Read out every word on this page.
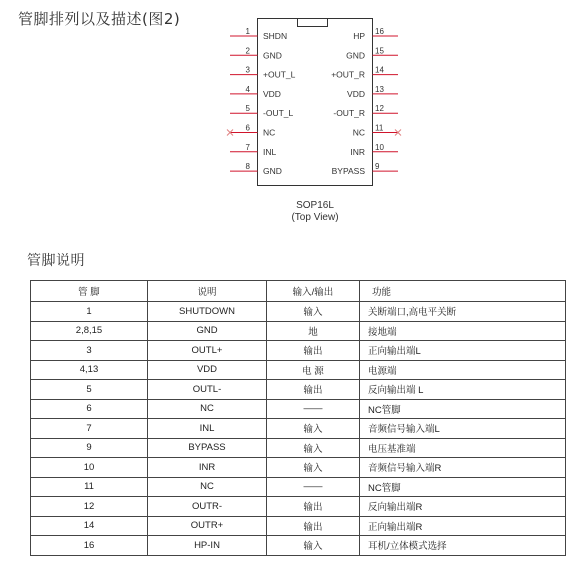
管脚排列以及描述(图2)
1 SHDN
2 GND
3 +OUT_L
4 VDD
5 -OUT_L
6 NC
7 INL
8 GND
16
HP
15
GND
14
+OUT_R
13
VDD
12
-OUT_R
11
NC
10
INR
9
BYPASS
SOP16L
(Top View)
管脚说明
管 脚	说明	输入/输出	功能
1	SHUTDOWN	输入	关断端口,高电平关断
2,8,15	GND	地	接地端
3	OUTL+	输出	正向输出端L
4,13	VDD	电 源	电源端
5	OUTL-	输出	反向输出端 L
6	NC	——	NC管脚
7	INL	输入	音频信号输入端L
9	BYPASS	输入	电压基准端
10	INR	输入	音频信号输入端R
11	NC	——	NC管脚
12	OUTR-	输出	反向输出端R
14	OUTR+	输出	正向输出端R
16	HP-IN	输入	耳机/立体模式选择
